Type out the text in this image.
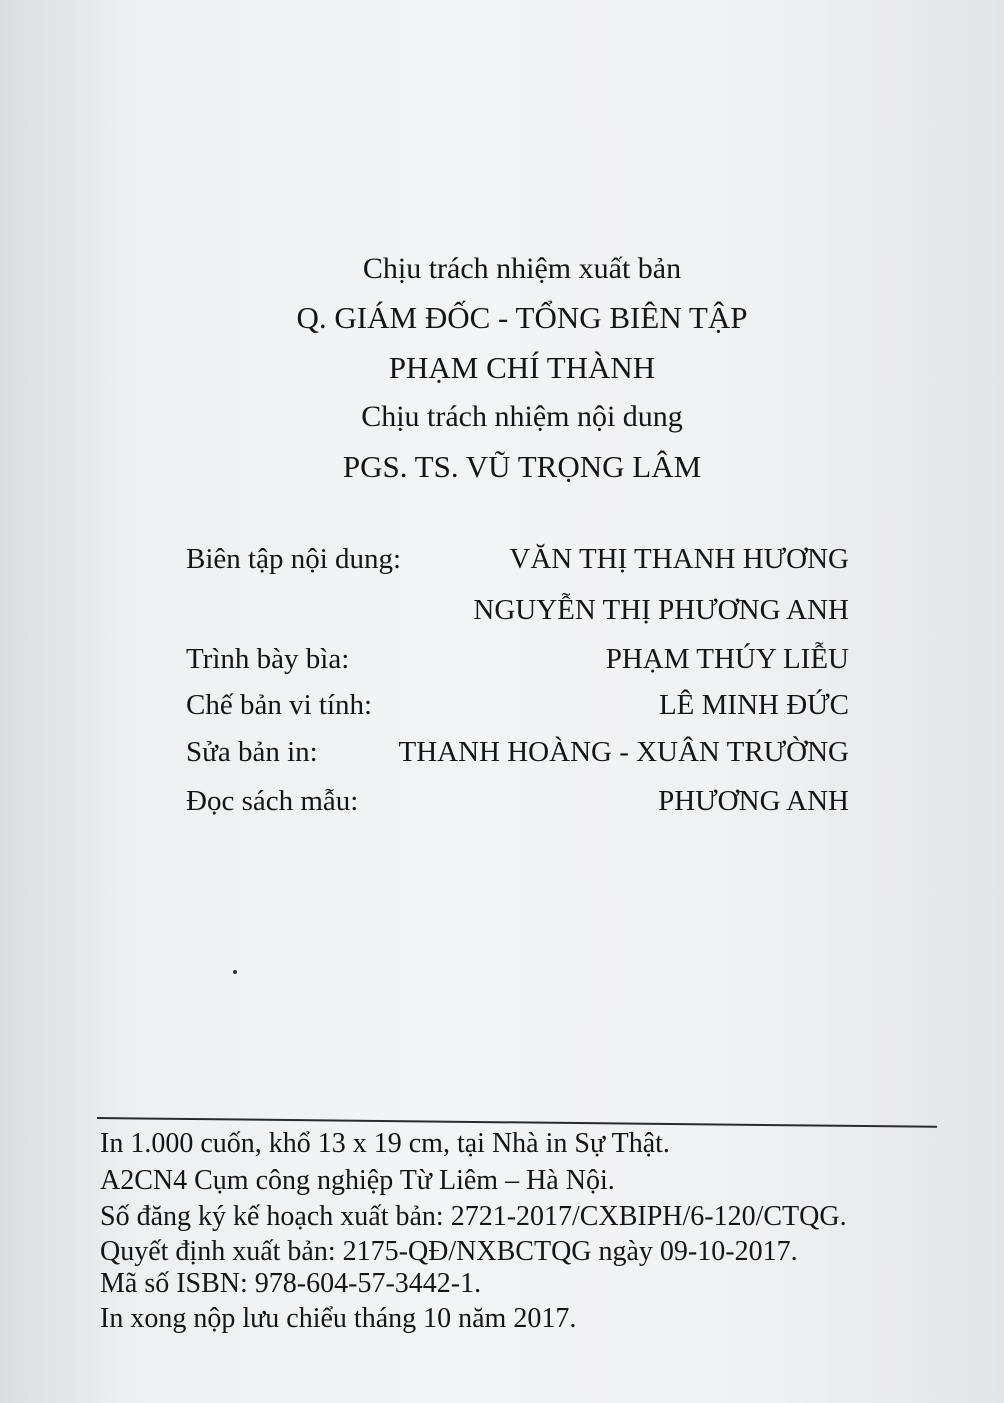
Chịu trách nhiệm xuất bản
Q. GIÁM ĐỐC - TỔNG BIÊN TẬP
PHẠM CHÍ THÀNH
Chịu trách nhiệm nội dung
PGS. TS. VŨ TRỌNG LÂM
Biên tập nội dung:	VĂN THỊ THANH HƯƠNG
NGUYỄN THỊ PHƯƠNG ANH
Trình bày bìa:	PHẠM THÚY LIỄU
Chế bản vi tính:	LÊ MINH ĐỨC
Sửa bản in:	THANH HOÀNG - XUÂN TRƯỜNG
Đọc sách mẫu:	PHƯƠNG ANH
In 1.000 cuốn, khổ 13 x 19 cm, tại Nhà in Sự Thật.
A2CN4 Cụm công nghiệp Từ Liêm – Hà Nội.
Số đăng ký kế hoạch xuất bản: 2721-2017/CXBIPH/6-120/CTQG.
Quyết định xuất bản: 2175-QĐ/NXBCTQG ngày 09-10-2017.
Mã số ISBN: 978-604-57-3442-1.
In xong nộp lưu chiểu tháng 10 năm 2017.
